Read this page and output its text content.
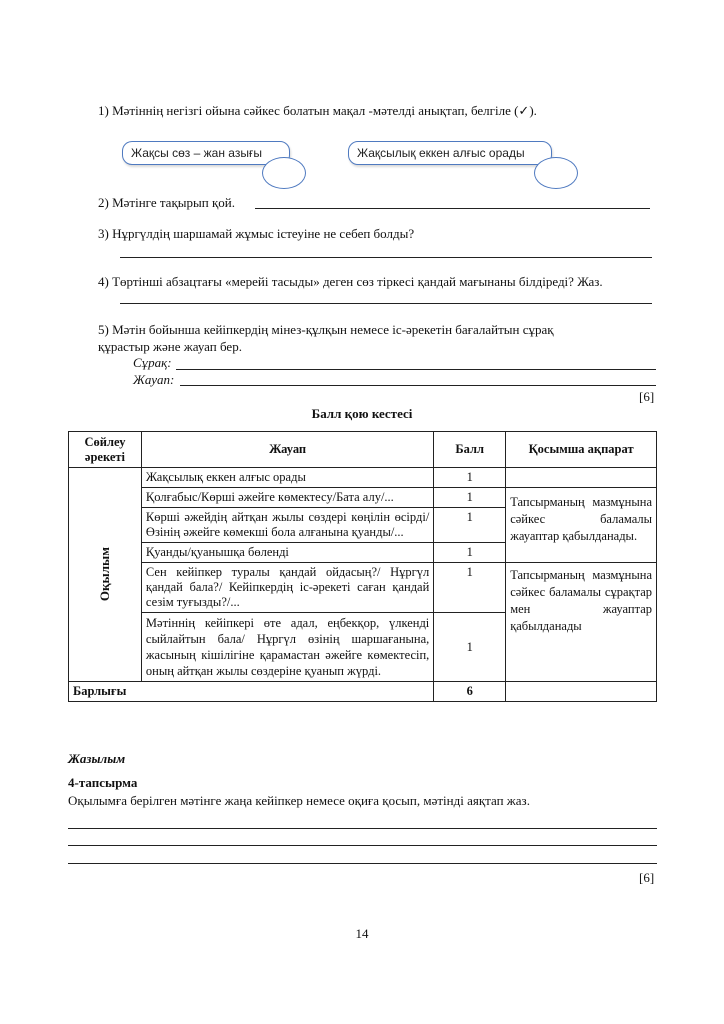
1) Мәтіннің негізгі ойына сәйкес болатын мақал -мәтелді анықтап, белгіле (✓).
Жақсы сөз – жан азығы	Жақсылық еккен алғыс орады
2) Мәтінге тақырып қой.
3) Нұргүлдің шаршамай жұмыс істеуіне не себеп болды?
4) Төртінші абзацтағы «мерейі тасыды» деген сөз тіркесі қандай мағынаны білдіреді? Жаз.
5) Мәтін бойынша кейіпкердің мінез-құлқын немесе іс-әрекетін бағалайтын сұрақ
құрастыр және жауап бер.
Сұрақ:
Жауап:
[6]
Балл қою кестесі
Сөйлеу әрекеті	Жауап	Балл	Қосымша ақпарат

Оқылым	Жақсылық еккен алғыс орады	1	
	Қолғабыс/Көрші әжейге көмектесу/Бата алу/...	1	Тапсырманың мазмұнына сәйкес баламалы жауаптар қабылданады.

	Көрші әжейдің айтқан жылы сөздері көңілін өсірді/ Өзінің әжейге көмекші бола алғанына қуанды/...	1	
	Қуанды/қуанышқа бөленді	1	
	Сен кейіпкер туралы қандай ойдасың?/ Нұргүл қандай бала?/ Кейіпкердің іс-әрекеті саған қандай сезім туғызды?/...	1	Тапсырманың мазмұнына сәйкес баламалы сұрақтар мен жауаптар қабылданады

	Мәтіннің кейіпкері өте адал, еңбекқор, үлкенді сыйлайтын бала/ Нұргүл өзінің шаршағанына, жасының кішілігіне қарамастан әжейге көмектесіп, оның айтқан жылы сөздеріне қуанып жүрді.	1	
Барлығы		6	
Жазылым
4-тапсырма
Оқылымға берілген мәтінге жаңа кейіпкер немесе оқиға қосып, мәтінді аяқтап жаз.
[6]
14
